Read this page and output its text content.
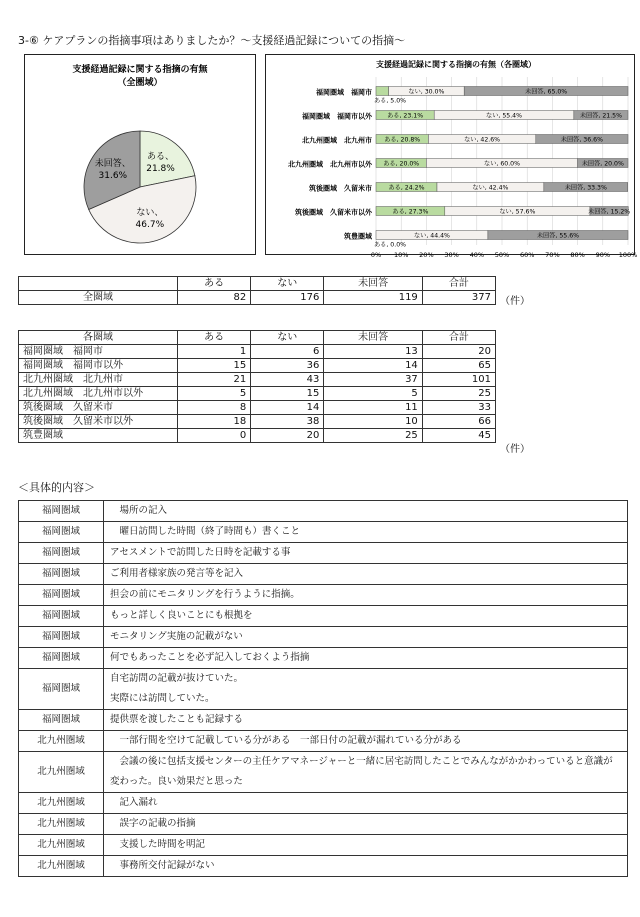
3-⑥ ケアプランの指摘事項はありましたか？～支援経過記録についての指摘～
支援経過記録に関する指摘の有無
（全圏域）
ある、
21.8%
ない、
46.7%
未回答、
31.6%
支援経過記録に関する指摘の有無（各圏域）
福岡圏域　福岡市
ある, 5.0%
ない, 30.0%	未回答, 65.0%
福岡圏域　福岡市以外 ある, 23.1%	ない, 55.4%	未回答, 21.5%
北九州圏域　北九州市 ある, 20.8%	ない, 42.6%	未回答, 36.6%
北九州圏域　北九州市以外 ある, 20.0%	ない, 60.0%	未回答, 20.0%
筑後圏域　久留米市	ある, 24.2%	ない, 42.4%	未回答, 33.3%
筑後圏域　久留米市以外	ある, 27.3%	ない, 57.6%	未回答, 15.2%
筑豊圏域
ある, 0.0%
ない, 44.4%	未回答, 55.6%
0% 10% 20% 30% 40% 50% 60% 70% 80% 90% 100%
	ある	ない	未回答	合計
全圏域	82	176	119	377 （件）
各圏域	ある	ない	未回答	合計
福岡圏域　福岡市	1	6	13	20
福岡圏域　福岡市以外	15	36	14	65
北九州圏域　北九州市	21	43	37	101
北九州圏域　北九州市以外	5	15	5	25
筑後圏域　久留米市	8	14	11	33
筑後圏域　久留米市以外	18	38	10	66
筑豊圏域	0	20	25	45
（件）
＜具体的内容＞
福岡圏域	　場所の記入
福岡圏域	　曜日訪問した時間（終了時間も）書くこと
福岡圏域	アセスメントで訪問した日時を記載する事
福岡圏域	ご利用者様家族の発言等を記入
福岡圏域	担会の前にモニタリングを行うように指摘。
福岡圏域	もっと詳しく良いことにも根拠を
福岡圏域	モニタリング実施の記載がない
福岡圏域	何でもあったことを必ず記入しておくよう指摘
福岡圏域	自宅訪問の記載が抜けていた。
実際には訪問していた。
福岡圏域	提供票を渡したことも記録する
北九州圏域	　一部行間を空けて記載している分がある　一部日付の記載が漏れている分がある
北九州圏域	　会議の後に包括支援センターの主任ケアマネージャーと一緒に居宅訪問したことでみんながかかわっていると意識が変わった。良い効果だと思った
北九州圏域	　記入漏れ
北九州圏域	　誤字の記載の指摘
北九州圏域	　支援した時間を明記
北九州圏域	　事務所交付記録がない
